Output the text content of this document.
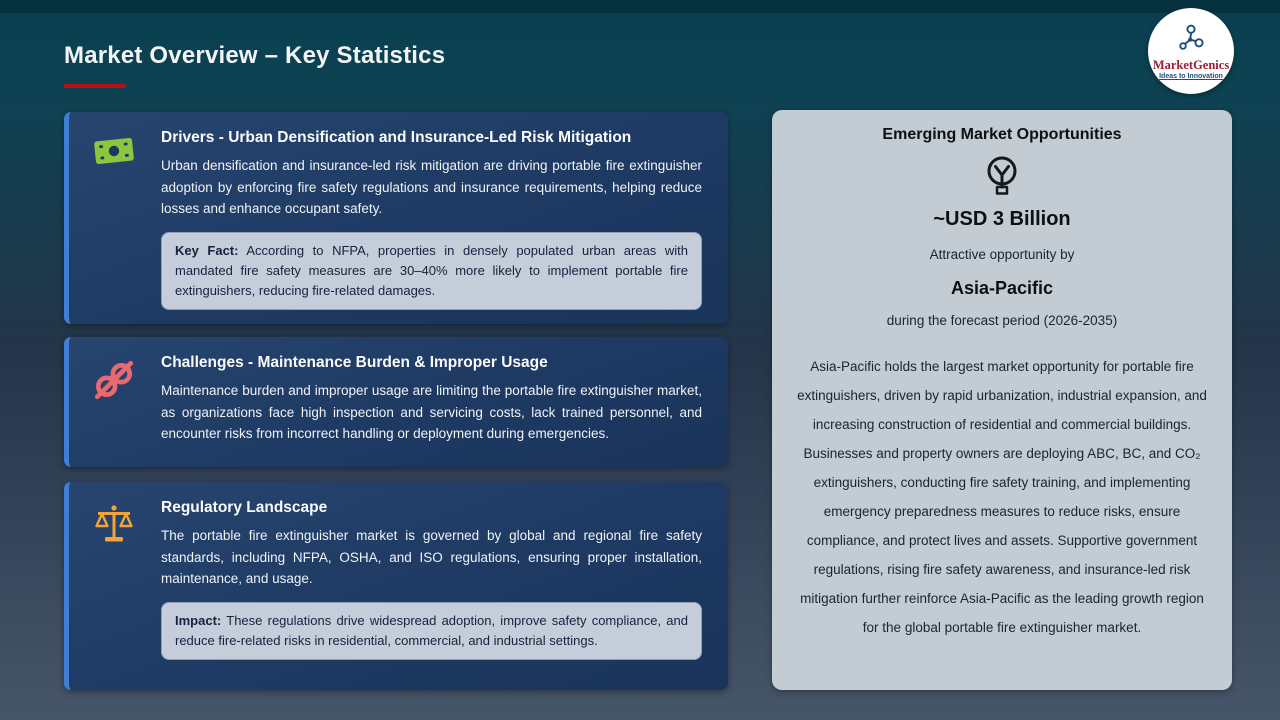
Market Overview – Key Statistics	MarketGenics
Ideas to Innovation
Drivers - Urban Densification and Insurance-Led Risk Mitigation
Urban densification and insurance-led risk mitigation are driving portable fire extinguisher adoption by enforcing fire safety regulations and insurance requirements, helping reduce losses and enhance occupant safety.
Key Fact: According to NFPA, properties in densely populated urban areas with mandated fire safety measures are 30–40% more likely to implement portable fire extinguishers, reducing fire-related damages.
Challenges - Maintenance Burden & Improper Usage
Maintenance burden and improper usage are limiting the portable fire extinguisher market, as organizations face high inspection and servicing costs, lack trained personnel, and encounter risks from incorrect handling or deployment during emergencies.
Regulatory Landscape
The portable fire extinguisher market is governed by global and regional fire safety standards, including NFPA, OSHA, and ISO regulations, ensuring proper installation, maintenance, and usage.
Impact: These regulations drive widespread adoption, improve safety compliance, and reduce fire-related risks in residential, commercial, and industrial settings.
Emerging Market Opportunities
~USD 3 Billion
Attractive opportunity by
Asia-Pacific
during the forecast period (2026-2035)
Asia-Pacific holds the largest market opportunity for portable fire extinguishers, driven by rapid urbanization, industrial expansion, and increasing construction of residential and commercial buildings. Businesses and property owners are deploying ABC, BC, and CO₂ extinguishers, conducting fire safety training, and implementing emergency preparedness measures to reduce risks, ensure compliance, and protect lives and assets. Supportive government regulations, rising fire safety awareness, and insurance-led risk mitigation further reinforce Asia-Pacific as the leading growth region for the global portable fire extinguisher market.
